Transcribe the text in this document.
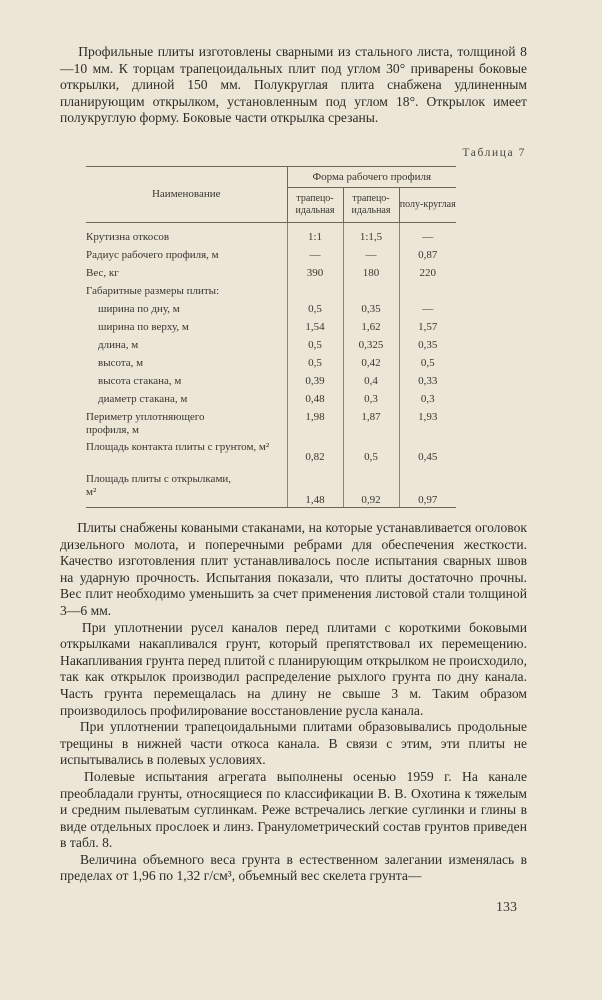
  Профильные плиты изготовлены сварными из стального листа, толщиной 8—10 мм. К торцам трапецоидальных плит под углом 30° приварены боковые открылки, длиной 150 мм. Полукруглая плита снабжена удлиненным планирующим открылком, установленным под углом 18°. Открылок имеет полукруглую форму. Боковые части открылка срезаны.

Таблица 7
Наименование	Форма рабочего профиля		
	трапецо-идальная	трапецо-идальная	полу-круглая

Крутизна откосов	1:1	1:1,5	—
Радиус рабочего профиля, м	—	—	0,87
Вес, кг	390	180	220
Габаритные размеры плиты:			
ширина по дну, м	0,5	0,35	—
ширина по верху, м	1,54	1,62	1,57
длина, м	0,5	0,325	0,35
высота, м	0,5	0,42	0,5
высота стакана, м	0,39	0,4	0,33
диаметр стакана, м	0,48	0,3	0,3
Периметр уплотняющего профиля, м	1,98	1,87	1,93
Площадь контакта плиты с грунтом, м²	0,82	0,5	0,45
Площадь плиты с открылками, м²	1,48	0,92	0,97

  Плиты снабжены коваными стаканами, на которые устанавливается оголовок дизельного молота, и поперечными ребрами для обеспечения жесткости. Качество изготовления плит устанавливалось после испытания сварных швов на ударную прочность. Испытания показали, что плиты достаточно прочны. Вес плит необходимо уменьшить за счет применения листовой стали толщиной 3—6 мм.

  При уплотнении русел каналов перед плитами с короткими боковыми открылками накапливался грунт, который препятствовал их перемещению. Накапливания грунта перед плитой с планирующим открылком не происходило, так как открылок производил распределение рыхлого грунта по дну канала. Часть грунта перемещалась на длину не свыше 3 м. Таким образом производилось профилирование восстановление русла канала.

  При уплотнении трапецоидальными плитами образовывались продольные трещины в нижней части откоса канала. В связи с этим, эти плиты не испытывались в полевых условиях.

  Полевые испытания агрегата выполнены осенью 1959 г. На канале преобладали грунты, относящиеся по классификации В. В. Охотина к тяжелым и средним пылеватым суглинкам. Реже встречались легкие суглинки и глины в виде отдельных прослоек и линз. Гранулометрический состав грунтов приведен в табл. 8.

  Величина объемного веса грунта в естественном залегании изменялась в пределах от 1,96 по 1,32 г/см³, объемный вес скелета грунта—

133
